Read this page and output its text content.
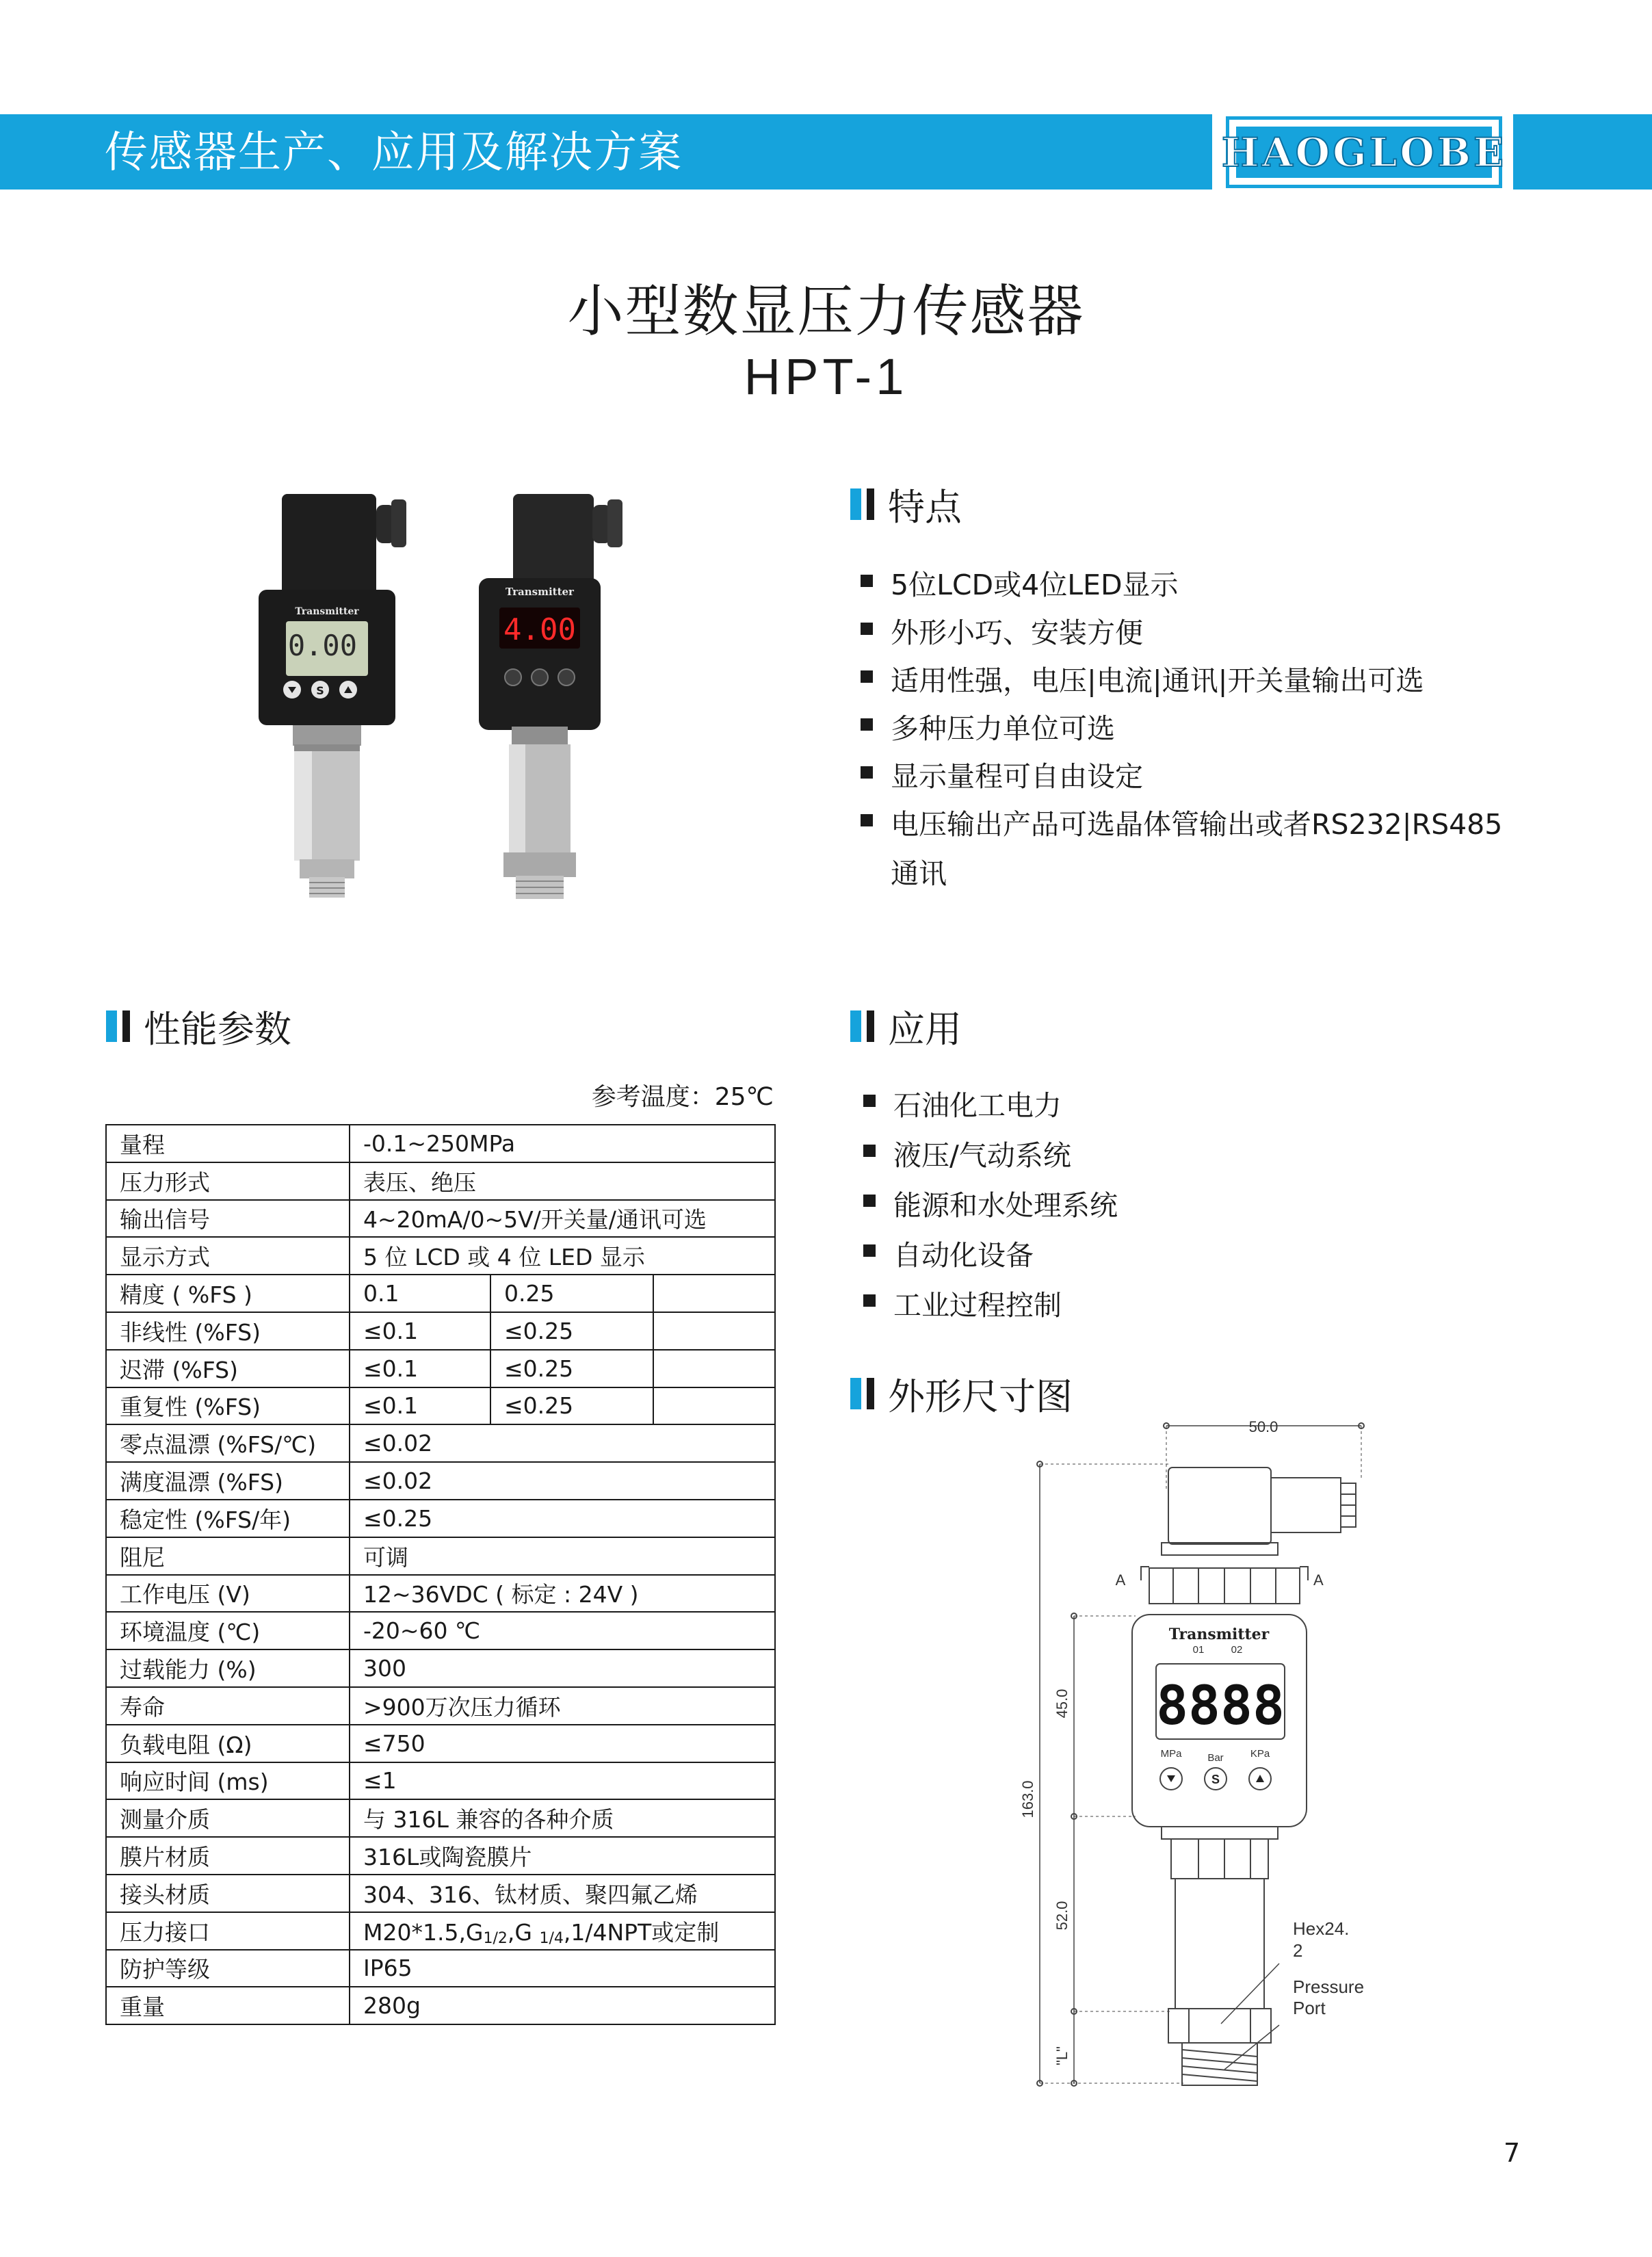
传感器生产、应用及解决方案	HAOGLOBE
小型数显压力传感器
HPT-1
Transmitter
0.00
S
Transmitter
4.00
特点
5位LCD或4位LED显示
外形小巧、安装方便
适用性强，电压|电流|通讯|开关量输出可选
多种压力单位可选
显示量程可自由设定
电压输出产品可选晶体管输出或者RS232|RS485
通讯
性能参数
参考温度：25℃
量程	-0.1~250MPa		
压力形式	表压、绝压		
输出信号	4~20mA/0~5V/开关量/通讯可选		
显示方式	5 位 LCD 或 4 位 LED 显示		
精度 ( %FS )	0.1	0.25	
非线性 (%FS)	≤0.1	≤0.25	
迟滞 (%FS)	≤0.1	≤0.25	
重复性 (%FS)	≤0.1	≤0.25	
零点温漂 (%FS/℃)	≤0.02		
满度温漂 (%FS)	≤0.02		
稳定性 (%FS/年)	≤0.25		
阻尼	可调		
工作电压 (V)	12~36VDC ( 标定 : 24V )		
环境温度 (℃)	-20~60 ℃		
过载能力 (%)	300		
寿命	>900万次压力循环		
负载电阻 (Ω)	≤750		
响应时间 (ms)	≤1		
测量介质	与 316L 兼容的各种介质		
膜片材质	316L或陶瓷膜片		
接头材质	304、316、钛材质、聚四氟乙烯		
压力接口	$M20*1.5,G_{1/2},G$ $_{1/4}$,1/4NPT或定制		
防护等级	IP65		
重量	280g		
应用
石油化工电力
液压/气动系统
能源和水处理系统
自动化设备
工业过程控制
外形尺寸图
S
50.0
A	A
163.0
45.0
52.0
"L"
Transmitter
01	02
8888
MPa	Bar	KPa
Hex24.
2
Pressure
Port
7
